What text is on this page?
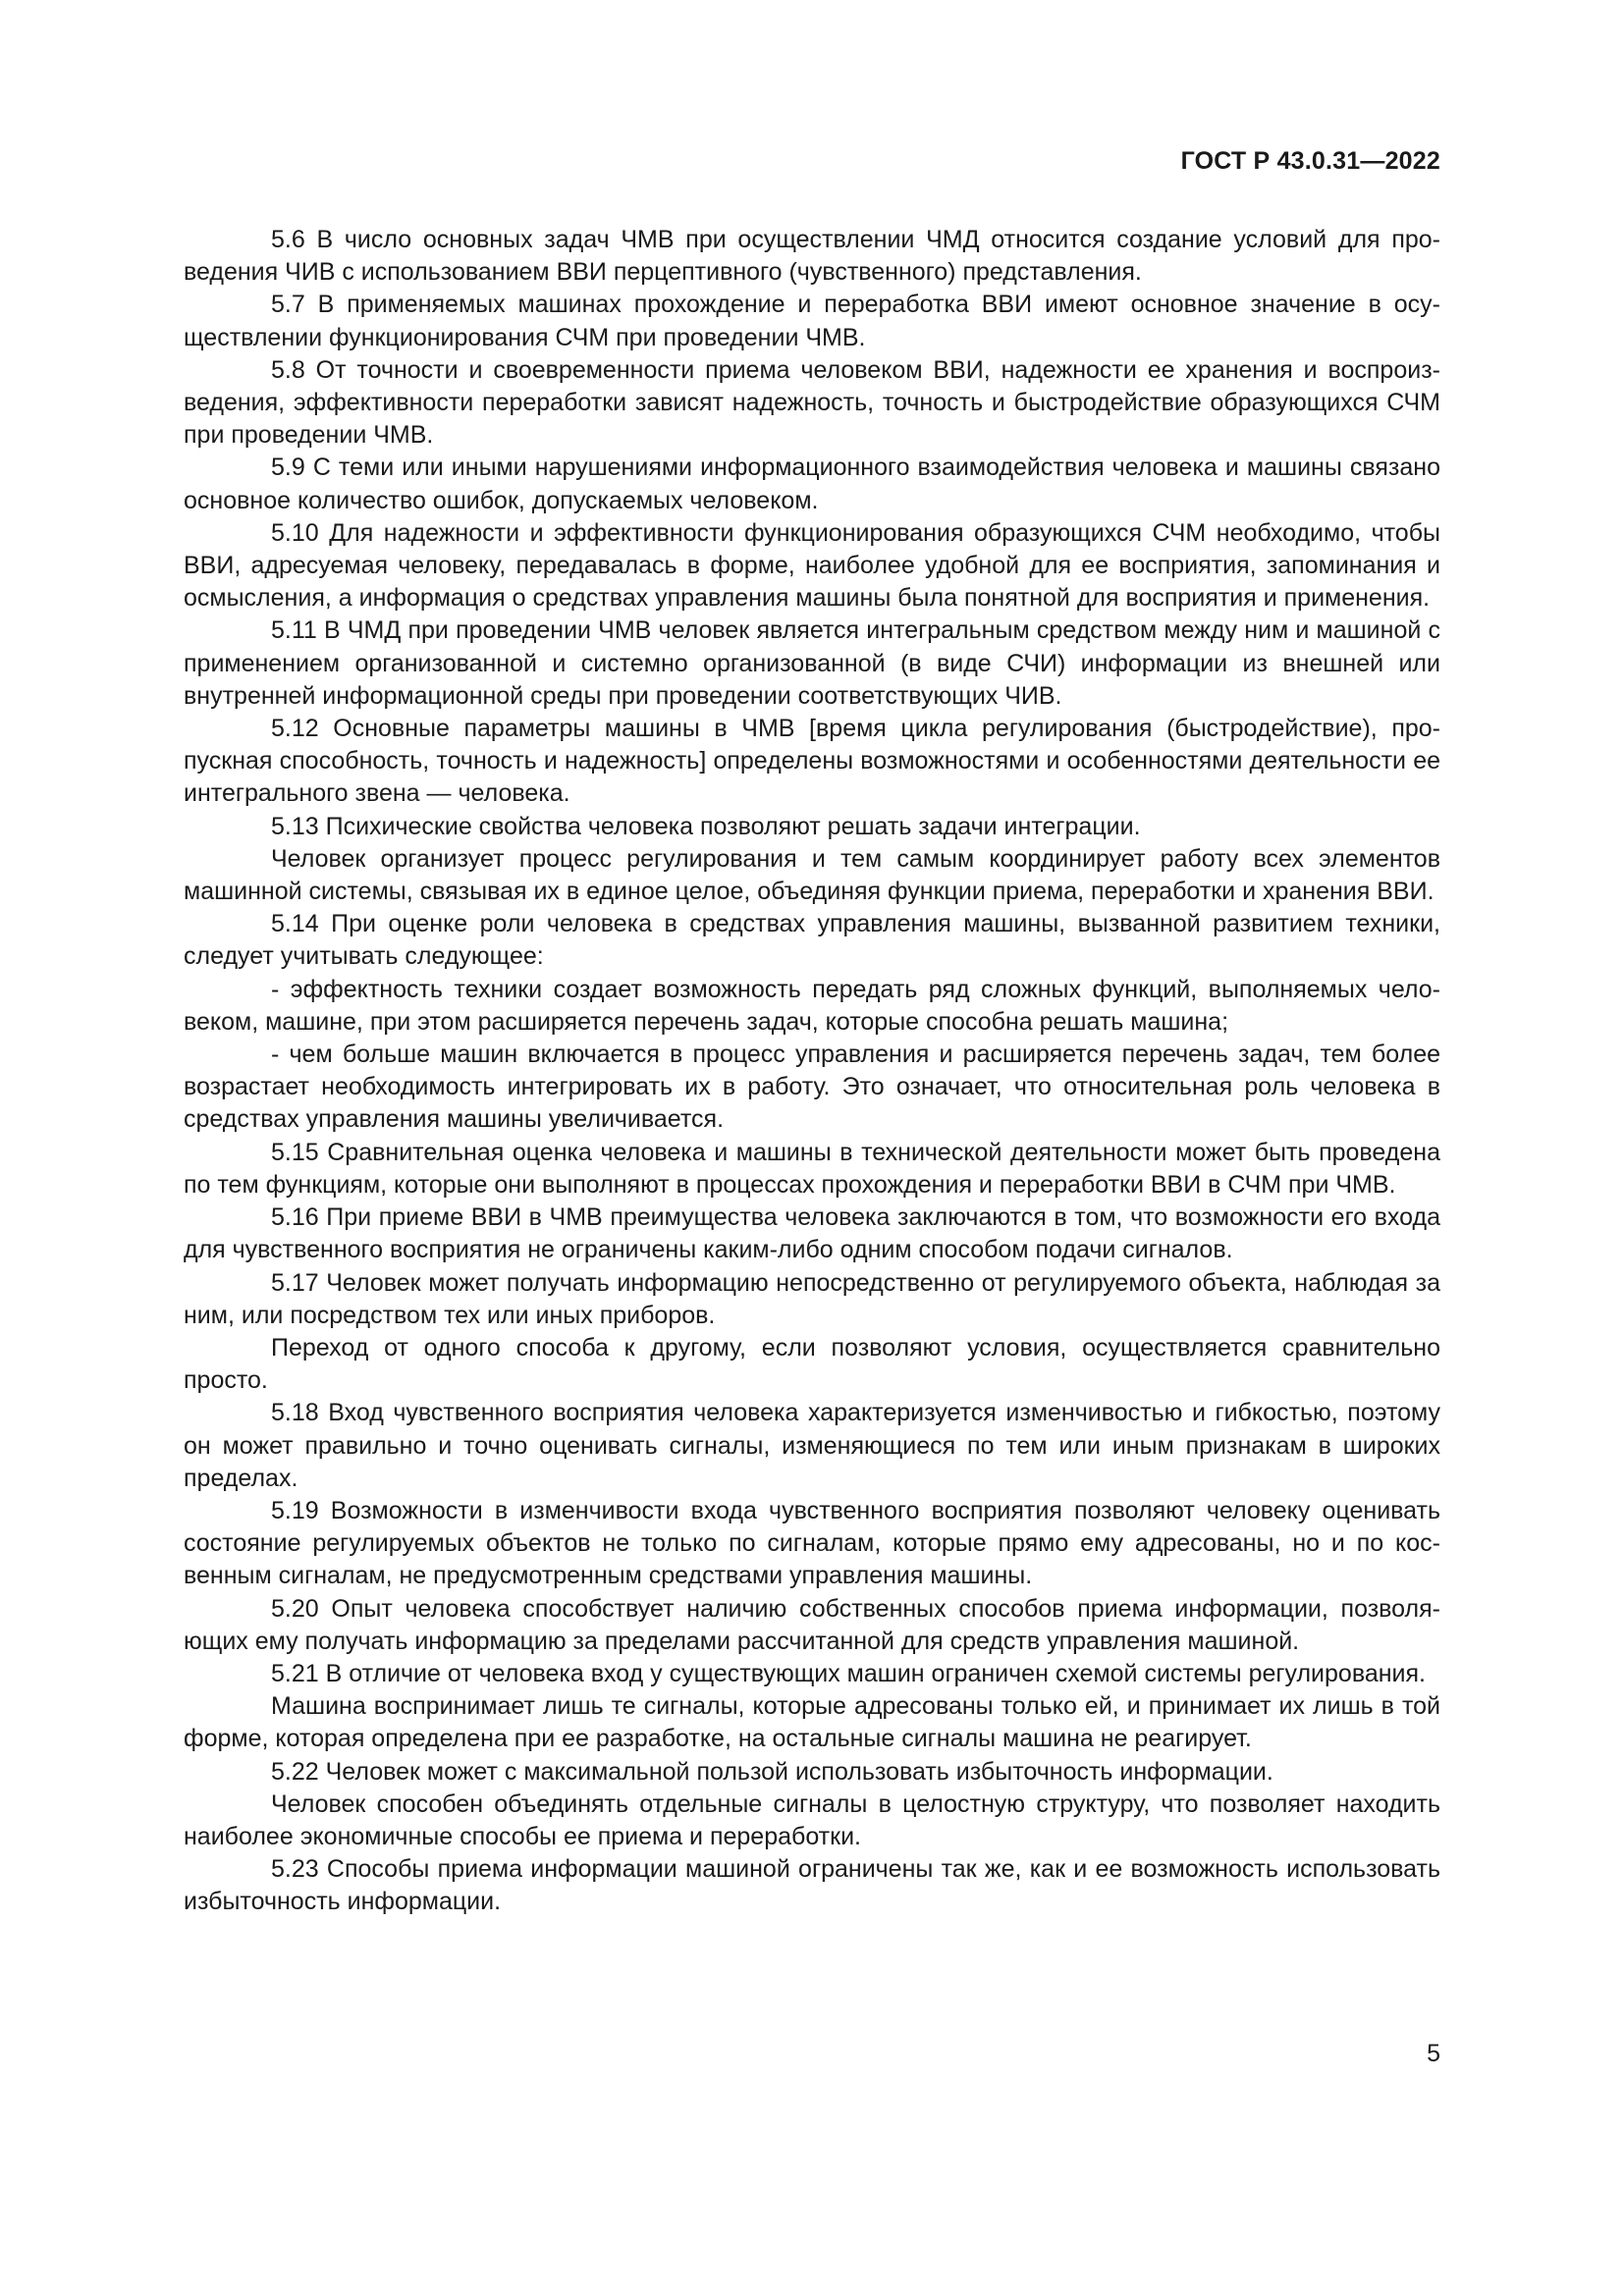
ГОСТ Р 43.0.31—2022

5.6 В число основных задач ЧМВ при осуществлении ЧМД относится создание условий для проведения ЧИВ с использованием ВВИ перцептивного (чувственного) представления.

5.7 В применяемых машинах прохождение и переработка ВВИ имеют основное значение в осуществлении функционирования СЧМ при проведении ЧМВ.

5.8 От точности и своевременности приема человеком ВВИ, надежности ее хранения и воспроизведения, эффективности переработки зависят надежность, точность и быстродействие образующихся СЧМ при проведении ЧМВ.

5.9 С теми или иными нарушениями информационного взаимодействия человека и машины связано основное количество ошибок, допускаемых человеком.

5.10 Для надежности и эффективности функционирования образующихся СЧМ необходимо, чтобы ВВИ, адресуемая человеку, передавалась в форме, наиболее удобной для ее восприятия, запоминания и осмысления, а информация о средствах управления машины была понятной для восприятия и применения.

5.11 В ЧМД при проведении ЧМВ человек является интегральным средством между ним и машиной с применением организованной и системно организованной (в виде СЧИ) информации из внешней или внутренней информационной среды при проведении соответствующих ЧИВ.

5.12 Основные параметры машины в ЧМВ [время цикла регулирования (быстродействие), пропускная способность, точность и надежность] определены возможностями и особенностями деятельности ее интегрального звена — человека.

5.13 Психические свойства человека позволяют решать задачи интеграции.

Человек организует процесс регулирования и тем самым координирует работу всех элементов машинной системы, связывая их в единое целое, объединяя функции приема, переработки и хранения ВВИ.

5.14 При оценке роли человека в средствах управления машины, вызванной развитием техники, следует учитывать следующее:

- эффектность техники создает возможность передать ряд сложных функций, выполняемых человеком, машине, при этом расширяется перечень задач, которые способна решать машина;

- чем больше машин включается в процесс управления и расширяется перечень задач, тем более возрастает необходимость интегрировать их в работу. Это означает, что относительная роль человека в средствах управления машины увеличивается.

5.15 Сравнительная оценка человека и машины в технической деятельности может быть проведена по тем функциям, которые они выполняют в процессах прохождения и переработки ВВИ в СЧМ при ЧМВ.

5.16 При приеме ВВИ в ЧМВ преимущества человека заключаются в том, что возможности его входа для чувственного восприятия не ограничены каким-либо одним способом подачи сигналов.

5.17 Человек может получать информацию непосредственно от регулируемого объекта, наблюдая за ним, или посредством тех или иных приборов.

Переход от одного способа к другому, если позволяют условия, осуществляется сравнительно просто.

5.18 Вход чувственного восприятия человека характеризуется изменчивостью и гибкостью, поэтому он может правильно и точно оценивать сигналы, изменяющиеся по тем или иным признакам в широких пределах.

5.19 Возможности в изменчивости входа чувственного восприятия позволяют человеку оценивать состояние регулируемых объектов не только по сигналам, которые прямо ему адресованы, но и по косвенным сигналам, не предусмотренным средствами управления машины.

5.20 Опыт человека способствует наличию собственных способов приема информации, позволяющих ему получать информацию за пределами рассчитанной для средств управления машиной.

5.21 В отличие от человека вход у существующих машин ограничен схемой системы регулирования.

Машина воспринимает лишь те сигналы, которые адресованы только ей, и принимает их лишь в той форме, которая определена при ее разработке, на остальные сигналы машина не реагирует.

5.22 Человек может с максимальной пользой использовать избыточность информации.

Человек способен объединять отдельные сигналы в целостную структуру, что позволяет находить наиболее экономичные способы ее приема и переработки.

5.23 Способы приема информации машиной ограничены так же, как и ее возможность использовать избыточность информации.

5
